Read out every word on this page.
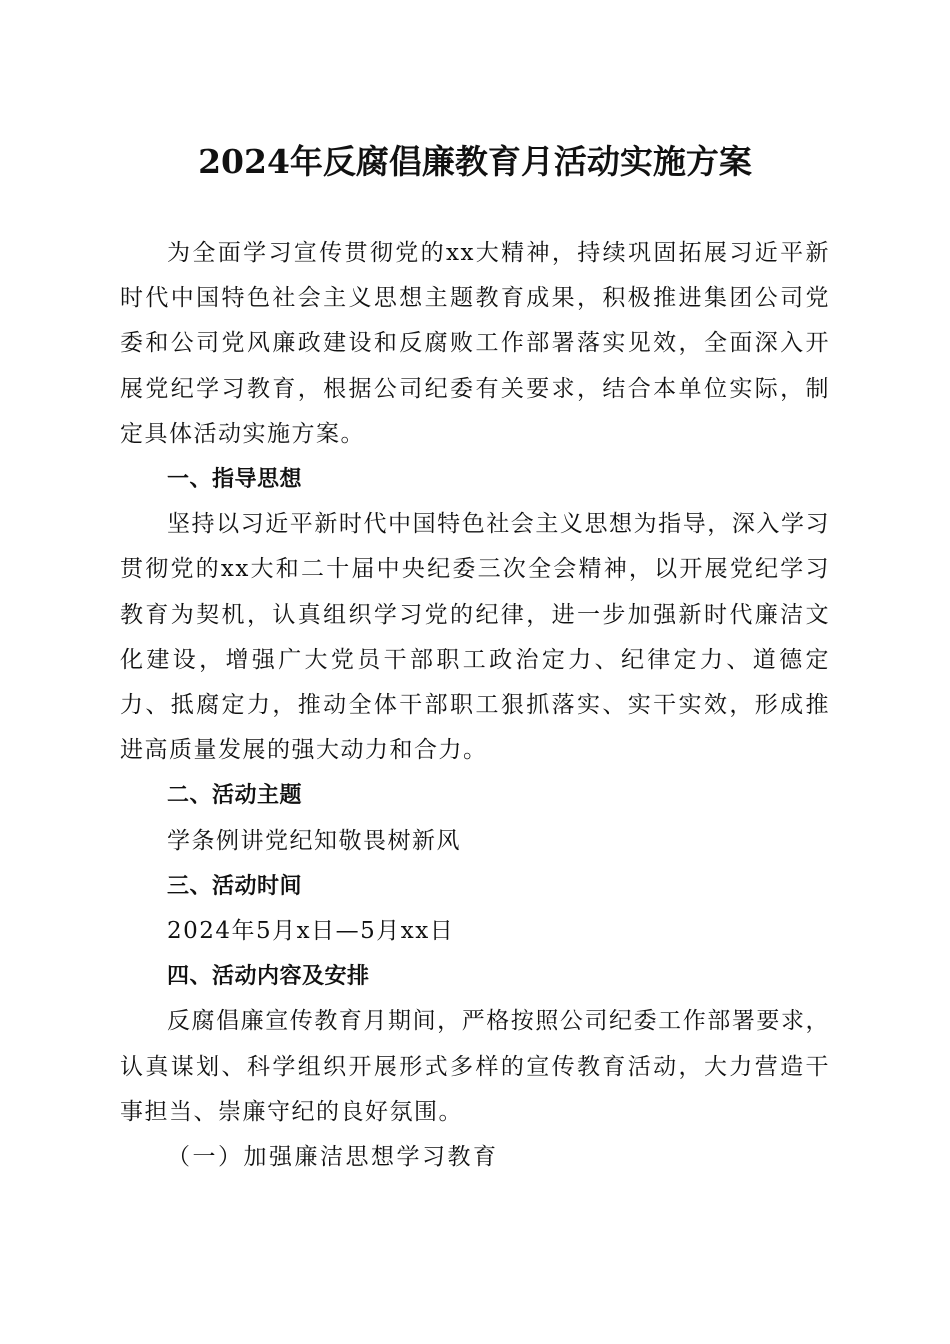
2024年反腐倡廉教育月活动实施方案

为全面学习宣传贯彻党的xx大精神，持续巩固拓展习近平新时代中国特色社会主义思想主题教育成果，积极推进集团公司党委和公司党风廉政建设和反腐败工作部署落实见效，全面深入开展党纪学习教育，根据公司纪委有关要求，结合本单位实际，制定具体活动实施方案。

一、指导思想

坚持以习近平新时代中国特色社会主义思想为指导，深入学习贯彻党的xx大和二十届中央纪委三次全会精神，以开展党纪学习教育为契机，认真组织学习党的纪律，进一步加强新时代廉洁文化建设，增强广大党员干部职工政治定力、纪律定力、道德定力、抵腐定力，推动全体干部职工狠抓落实、实干实效，形成推进高质量发展的强大动力和合力。

二、活动主题

学条例讲党纪知敬畏树新风

三、活动时间

2024年5月x日—5月xx日

四、活动内容及安排

反腐倡廉宣传教育月期间，严格按照公司纪委工作部署要求，认真谋划、科学组织开展形式多样的宣传教育活动，大力营造干事担当、崇廉守纪的良好氛围。

（一）加强廉洁思想学习教育
